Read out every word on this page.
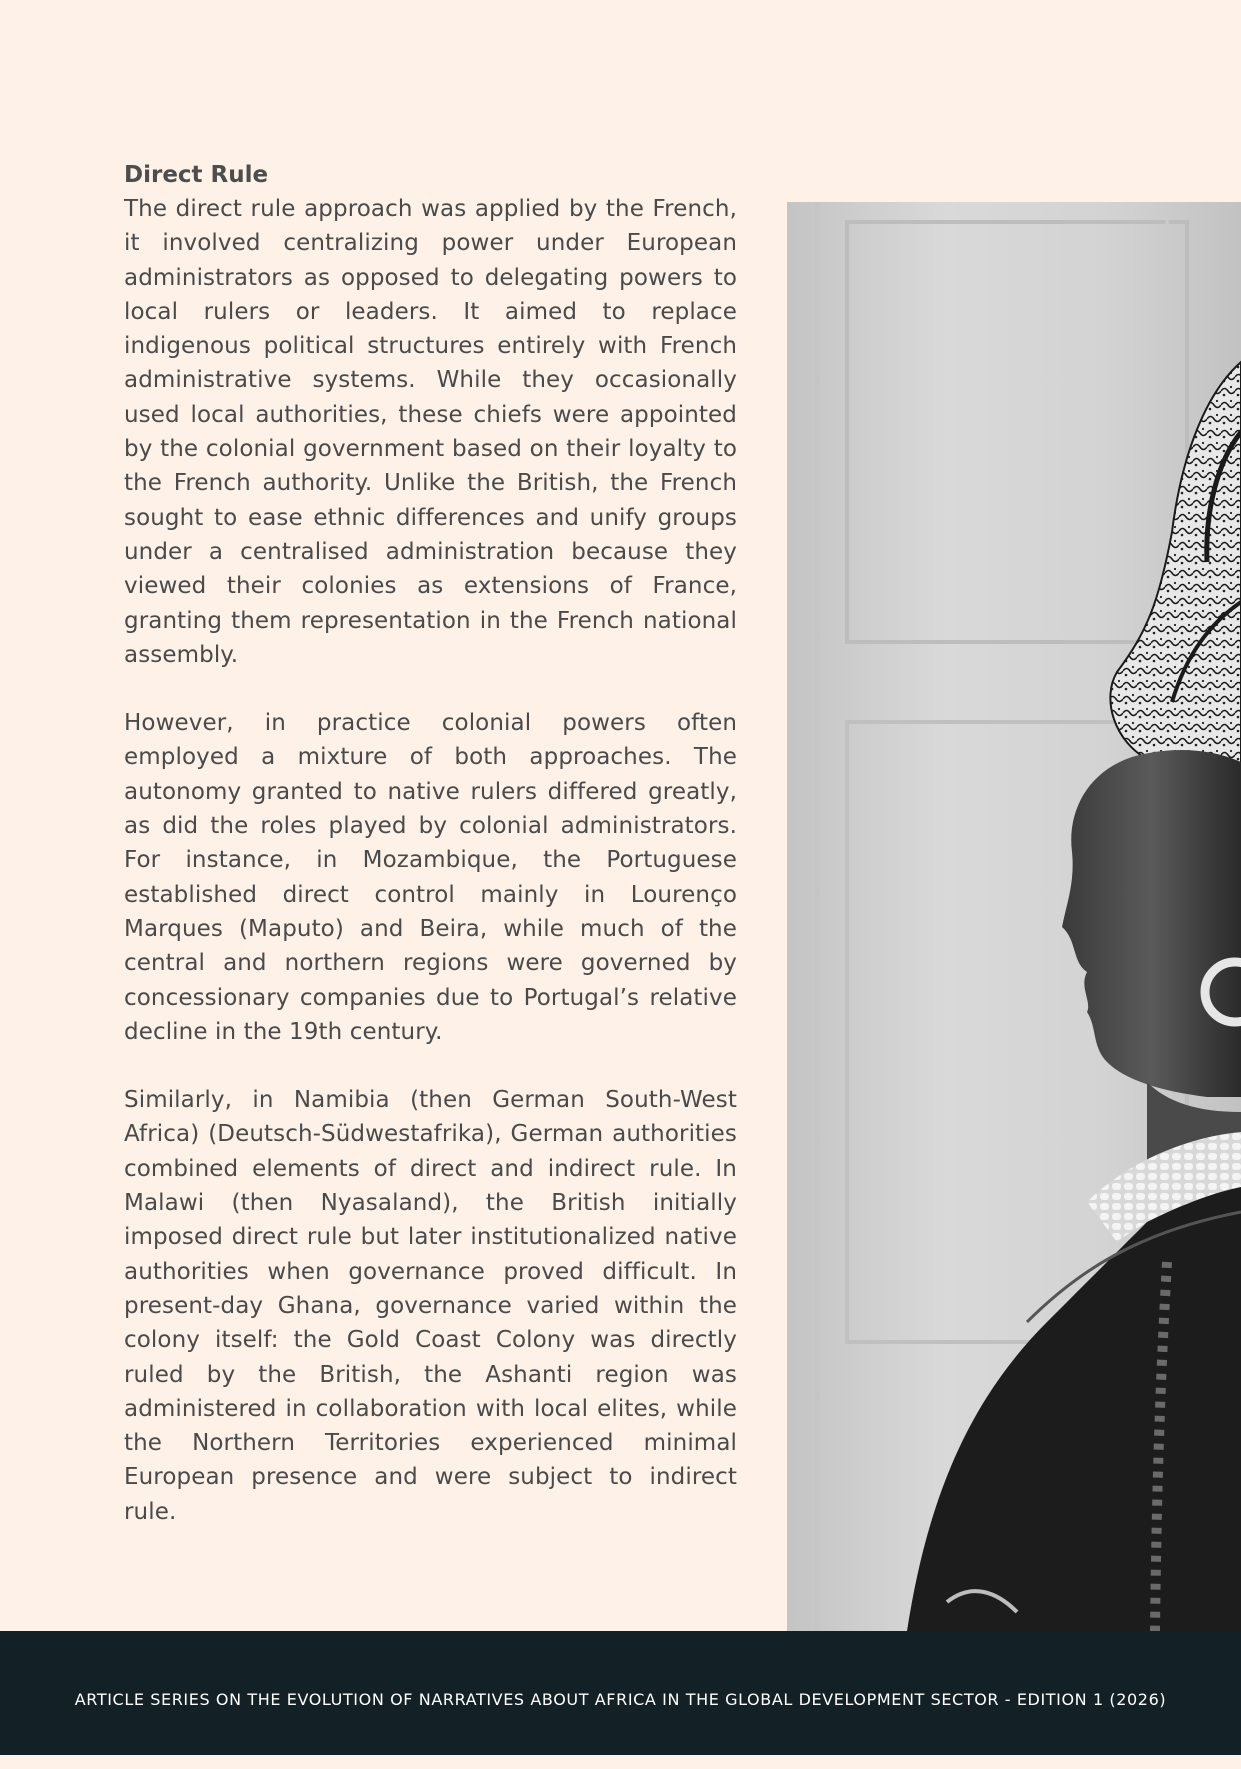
Direct Rule

The direct rule approach was applied by the French, it involved centralizing power under European administrators as opposed to delegating powers to local rulers or leaders. It aimed to replace indigenous political structures entirely with French administrative systems. While they occasionally used local authorities, these chiefs were appointed by the colonial government based on their loyalty to the French authority. Unlike the British, the French sought to ease ethnic differences and unify groups under a centralised administration because they viewed their colonies as extensions of France, granting them representation in the French national assembly.

However, in practice colonial powers often employed a mixture of both approaches. The autonomy granted to native rulers differed greatly, as did the roles played by colonial administrators. For instance, in Mozambique, the Portuguese established direct control mainly in Lourenço Marques (Maputo) and Beira, while much of the central and northern regions were governed by concessionary companies due to Portugal’s relative decline in the 19th century.

Similarly, in Namibia (then German South-West Africa) (Deutsch-Südwestafrika), German authorities combined elements of direct and indirect rule. In Malawi (then Nyasaland), the British initially imposed direct rule but later institutionalized native authorities when governance proved difficult. In present-day Ghana, governance varied within the colony itself: the Gold Coast Colony was directly ruled by the British, the Ashanti region was administered in collaboration with local elites, while the Northern Territories experienced minimal European presence and were subject to indirect rule.

ARTICLE SERIES ON THE EVOLUTION OF NARRATIVES ABOUT AFRICA IN THE GLOBAL DEVELOPMENT SECTOR - EDITION 1 (2026)
